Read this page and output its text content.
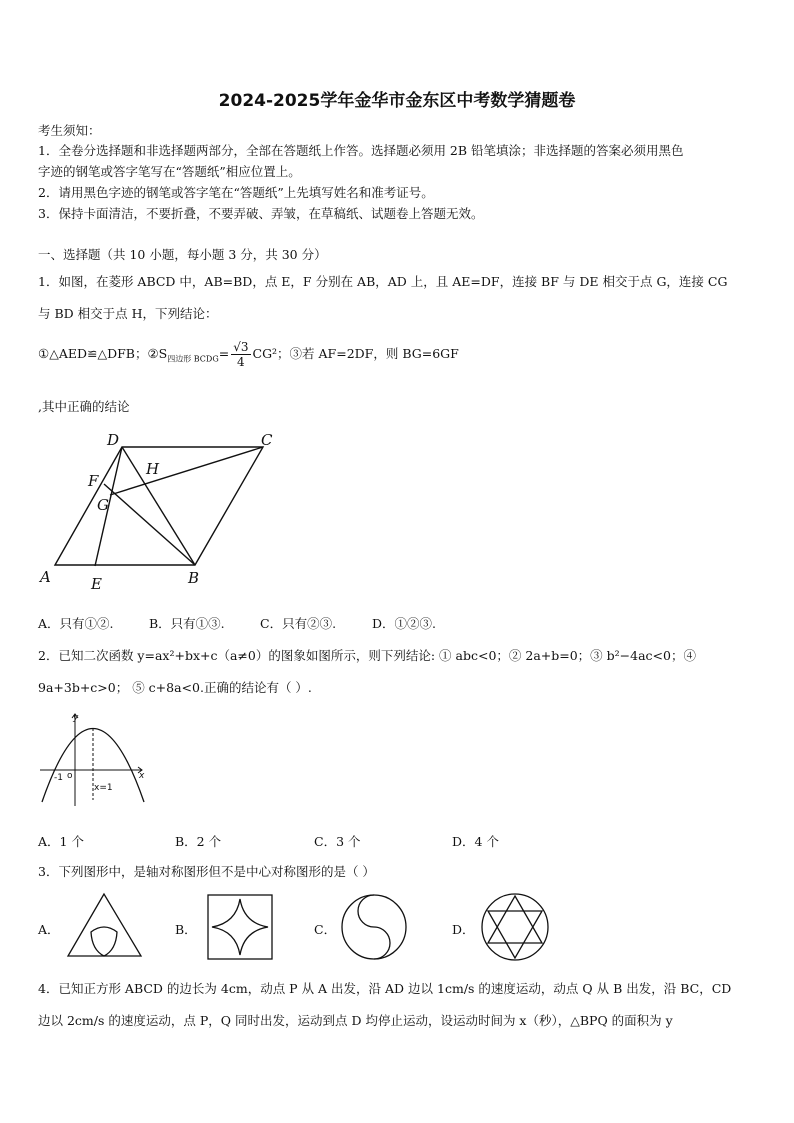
2024-2025学年金华市金东区中考数学猜题卷
考生须知：
1．全卷分选择题和非选择题两部分，全部在答题纸上作答。选择题必须用 2B 铅笔填涂；非选择题的答案必须用黑色
字迹的钢笔或答字笔写在“答题纸”相应位置上。
2．请用黑色字迹的钢笔或答字笔在“答题纸”上先填写姓名和准考证号。
3．保持卡面清洁，不要折叠，不要弄破、弄皱，在草稿纸、试题卷上答题无效。
一、选择题（共 10 小题，每小题 3 分，共 30 分）
1．如图，在菱形 ABCD 中，AB=BD，点 E，F 分别在 AB，AD 上，且 AE=DF，连接 BF 与 DE 相交于点 G，连接 CG
与 BD 相交于点 H，下列结论：
①△AED≌△DFB；$②S_{四边形 BCDG}= \frac{√3}{4} CG^2$；③若 AF=2DF，则 BG=6GF
,其中正确的结论
D	C
H
F
G
A	E	B
A．只有①②.	B．只有①③.	C．只有②③.	D．①②③.
2．已知二次函数 y=ax²+bx+c（a≠0）的图象如图所示，则下列结论: ① abc<0；② 2a+b=0；③ b²−4ac<0；④
9a+3b+c>0； ⑤ c+8a<0.正确的结论有（ ）.
y
x
o
-1
x=1
A．1 个	B．2 个	C．3 个	D．4 个
3．下列图形中，是轴对称图形但不是中心对称图形的是（ ）
A．	B．	C．	D．
4．已知正方形 ABCD 的边长为 4cm，动点 P 从 A 出发，沿 AD 边以 1cm/s 的速度运动，动点 Q 从 B 出发，沿 BC，CD
边以 2cm/s 的速度运动，点 P，Q 同时出发，运动到点 D 均停止运动，设运动时间为 x（秒），△BPQ 的面积为 y
